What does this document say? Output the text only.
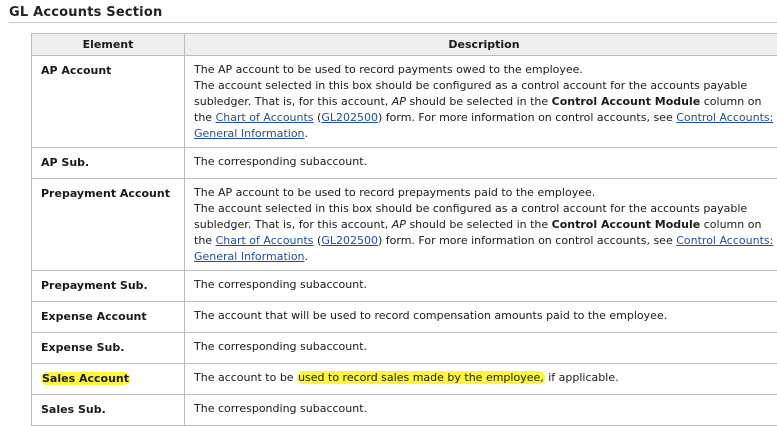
GL Accounts Section
Element	Description
AP Account	The AP account to be used to record payments owed to the employee.

The account selected in this box should be configured as a control account for the accounts payable subledger. That is, for this account, AP should be selected in the Control Account Module column on the Chart of Accounts (GL202500) form. For more information on control accounts, see Control Accounts: General Information.

AP Sub.	The corresponding subaccount.
Prepayment Account	The AP account to be used to record prepayments paid to the employee.

The account selected in this box should be configured as a control account for the accounts payable subledger. That is, for this account, AP should be selected in the Control Account Module column on the Chart of Accounts (GL202500) form. For more information on control accounts, see Control Accounts: General Information.

Prepayment Sub.	The corresponding subaccount.
Expense Account	The account that will be used to record compensation amounts paid to the employee.
Expense Sub.	The corresponding subaccount.
Sales Account	The account to be used to record sales made by the employee, if applicable.
Sales Sub.	The corresponding subaccount.
